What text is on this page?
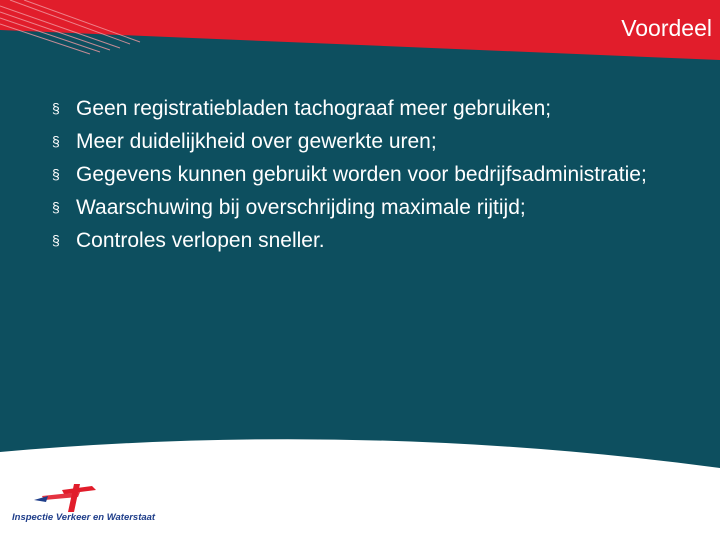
Voordeel
§ Geen registratiebladen tachograaf meer gebruiken;
§ Meer duidelijkheid over gewerkte uren;
§ Gegevens kunnen gebruikt worden voor bedrijfsadministratie;
§ Waarschuwing bij overschrijding maximale rijtijd;
§ Controles verlopen sneller.
Inspectie Verkeer en Waterstaat
